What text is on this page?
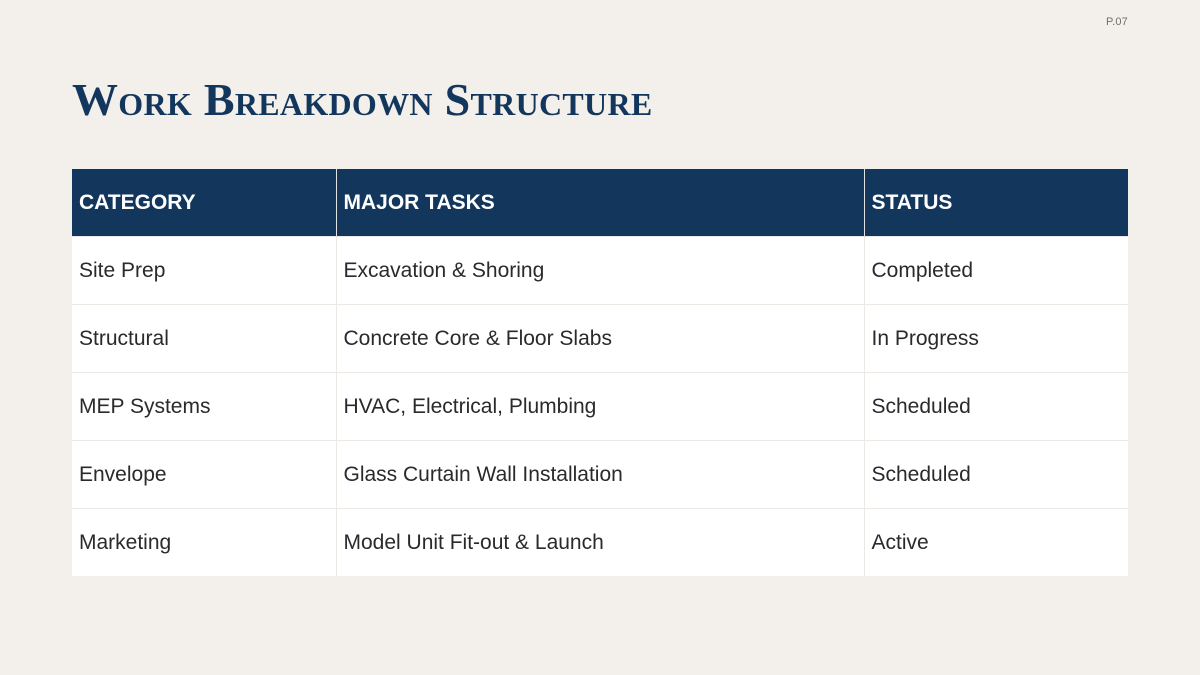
P.07
Work Breakdown Structure
CATEGORY	MAJOR TASKS	STATUS
Site Prep	Excavation & Shoring	Completed
Structural	Concrete Core & Floor Slabs	In Progress
MEP Systems	HVAC, Electrical, Plumbing	Scheduled
Envelope	Glass Curtain Wall Installation	Scheduled
Marketing	Model Unit Fit-out & Launch	Active
